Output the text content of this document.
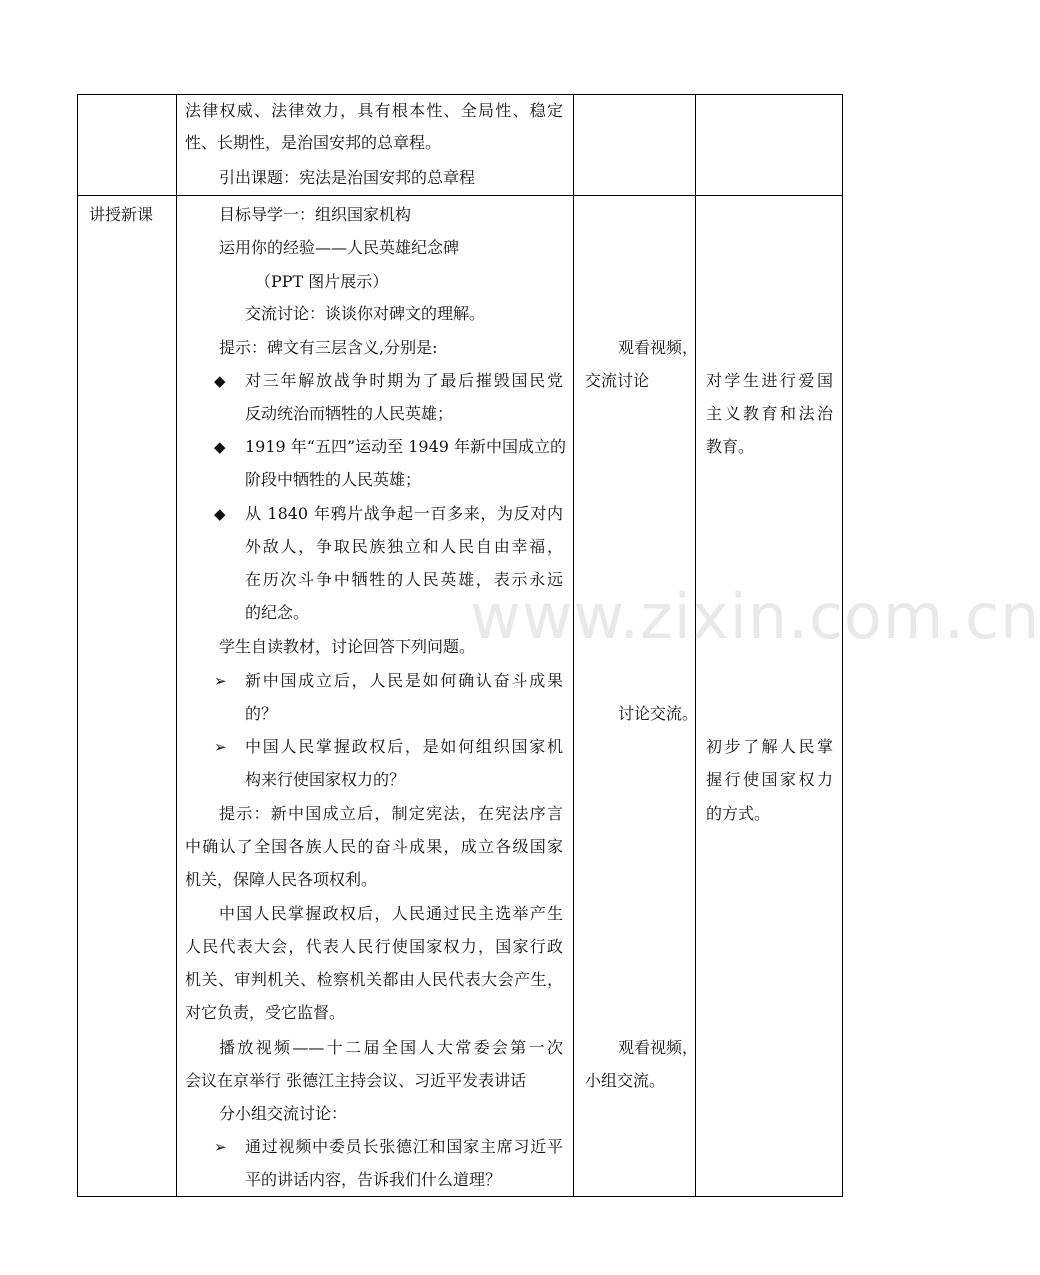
法律权威、法律效力，具有根本性、全局性、稳定
性、长期性，是治国安邦的总章程。
引出课题：宪法是治国安邦的总章程
讲授新课	目标导学一：组织国家机构
运用你的经验——人民英雄纪念碑
（PPT 图片展示）
交流讨论：谈谈你对碑文的理解。
提示：碑文有三层含义,分别是:
◆ 对三年解放战争时期为了最后摧毁国民党
反动统治而牺牲的人民英雄；
◆ 1919 年“五四”运动至 1949 年新中国成立的
阶段中牺牲的人民英雄；
◆ 从 1840 年鸦片战争起一百多来，为反对内
外敌人，争取民族独立和人民自由幸福，
在历次斗争中牺牲的人民英雄，表示永远
的纪念。
学生自读教材，讨论回答下列问题。
➢ 新中国成立后，人民是如何确认奋斗成果
的？
➢ 中国人民掌握政权后，是如何组织国家机
构来行使国家权力的？
提示：新中国成立后，制定宪法，在宪法序言
中确认了全国各族人民的奋斗成果，成立各级国家
机关，保障人民各项权利。
中国人民掌握政权后，人民通过民主选举产生
人民代表大会，代表人民行使国家权力，国家行政
机关、审判机关、检察机关都由人民代表大会产生，
对它负责，受它监督。
播放视频——十二届全国人大常委会第一次
会议在京举行 张德江主持会议、习近平发表讲话
分小组交流讨论：
➢ 通过视频中委员长张德江和国家主席习近平
平的讲话内容，告诉我们什么道理？
观看视频，
交流讨论
讨论交流。
观看视频，
小组交流。
对学生进行爱国
主义教育和法治
教育。
初步了解人民掌
握行使国家权力
的方式。
www.zixin.com.cn
